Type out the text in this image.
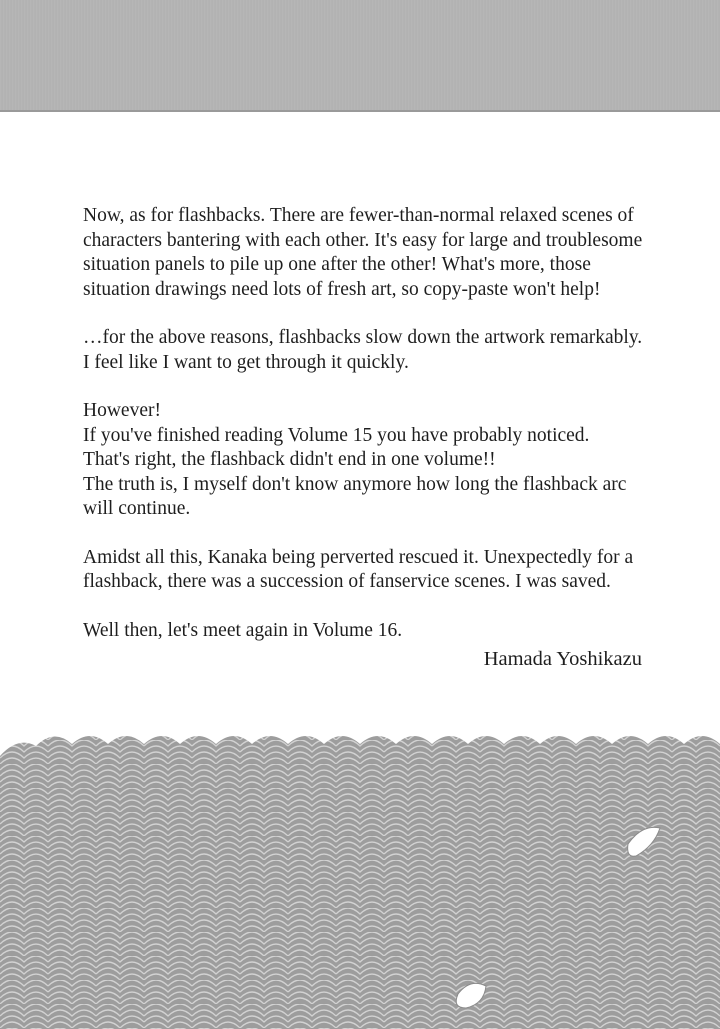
Now, as for flashbacks. There are fewer-than-normal relaxed scenes of
characters bantering with each other. It's easy for large and troublesome
situation panels to pile up one after the other! What's more, those
situation drawings need lots of fresh art, so copy-paste won't help!

…for the above reasons, flashbacks slow down the artwork remarkably.
I feel like I want to get through it quickly.

However!
If you've finished reading Volume 15 you have probably noticed.
That's right, the flashback didn't end in one volume!!
The truth is, I myself don't know anymore how long the flashback arc
will continue.

Amidst all this, Kanaka being perverted rescued it. Unexpectedly for a
flashback, there was a succession of fanservice scenes. I was saved.

Well then, let's meet again in Volume 16.

Hamada Yoshikazu
